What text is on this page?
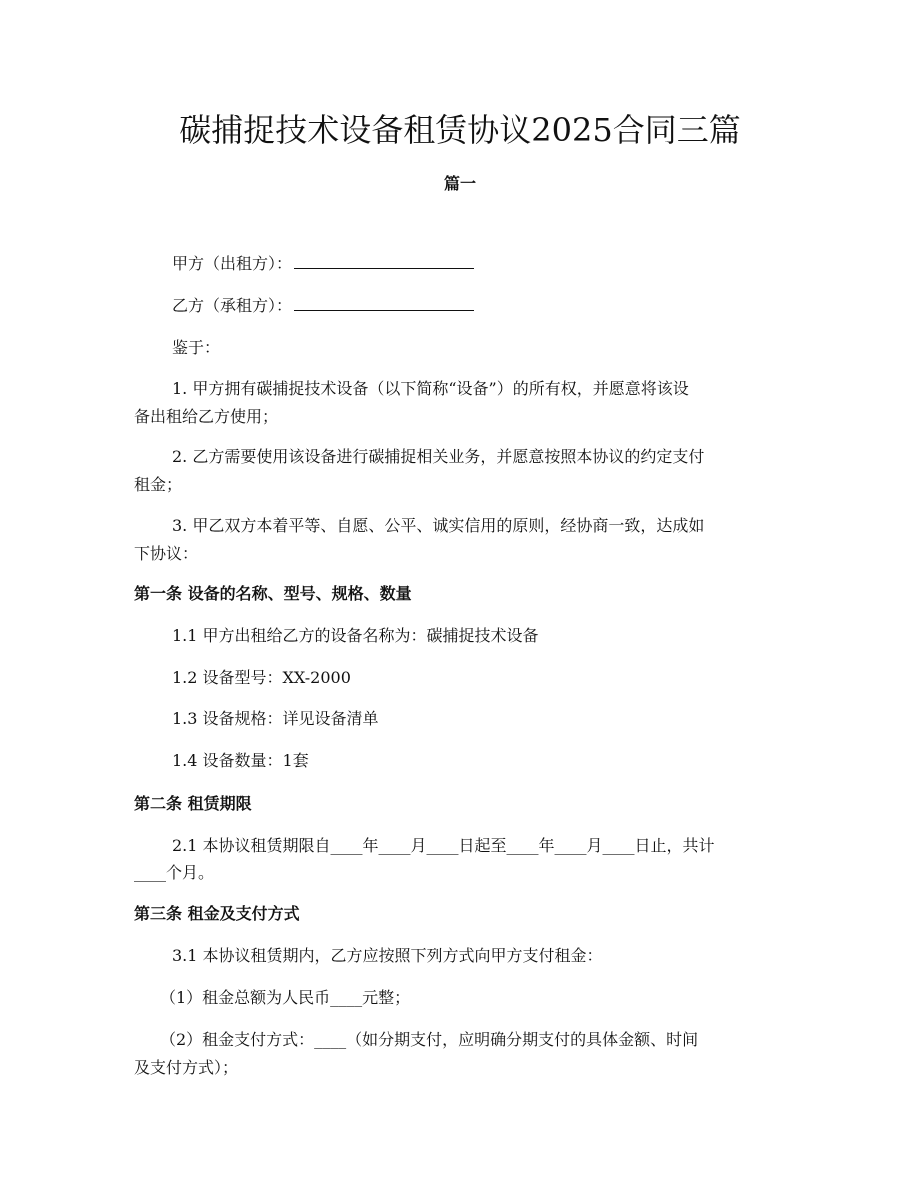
碳捕捉技术设备租赁协议2025合同三篇
篇一

甲方（出租方）：

乙方（承租方）：

鉴于：

1. 甲方拥有碳捕捉技术设备（以下简称“设备”）的所有权，并愿意将该设

备出租给乙方使用；

2. 乙方需要使用该设备进行碳捕捉相关业务，并愿意按照本协议的约定支付

租金；

3. 甲乙双方本着平等、自愿、公平、诚实信用的原则，经协商一致，达成如

下协议：

第一条 设备的名称、型号、规格、数量

1.1 甲方出租给乙方的设备名称为：碳捕捉技术设备

1.2 设备型号：XX-2000

1.3 设备规格：详见设备清单

1.4 设备数量：1套

第二条 租赁期限

2.1 本协议租赁期限自____年____月____日起至____年____月____日止，共计

____个月。

第三条 租金及支付方式

3.1 本协议租赁期内，乙方应按照下列方式向甲方支付租金：

（1）租金总额为人民币____元整；

（2）租金支付方式：____（如分期支付，应明确分期支付的具体金额、时间

及支付方式）；
